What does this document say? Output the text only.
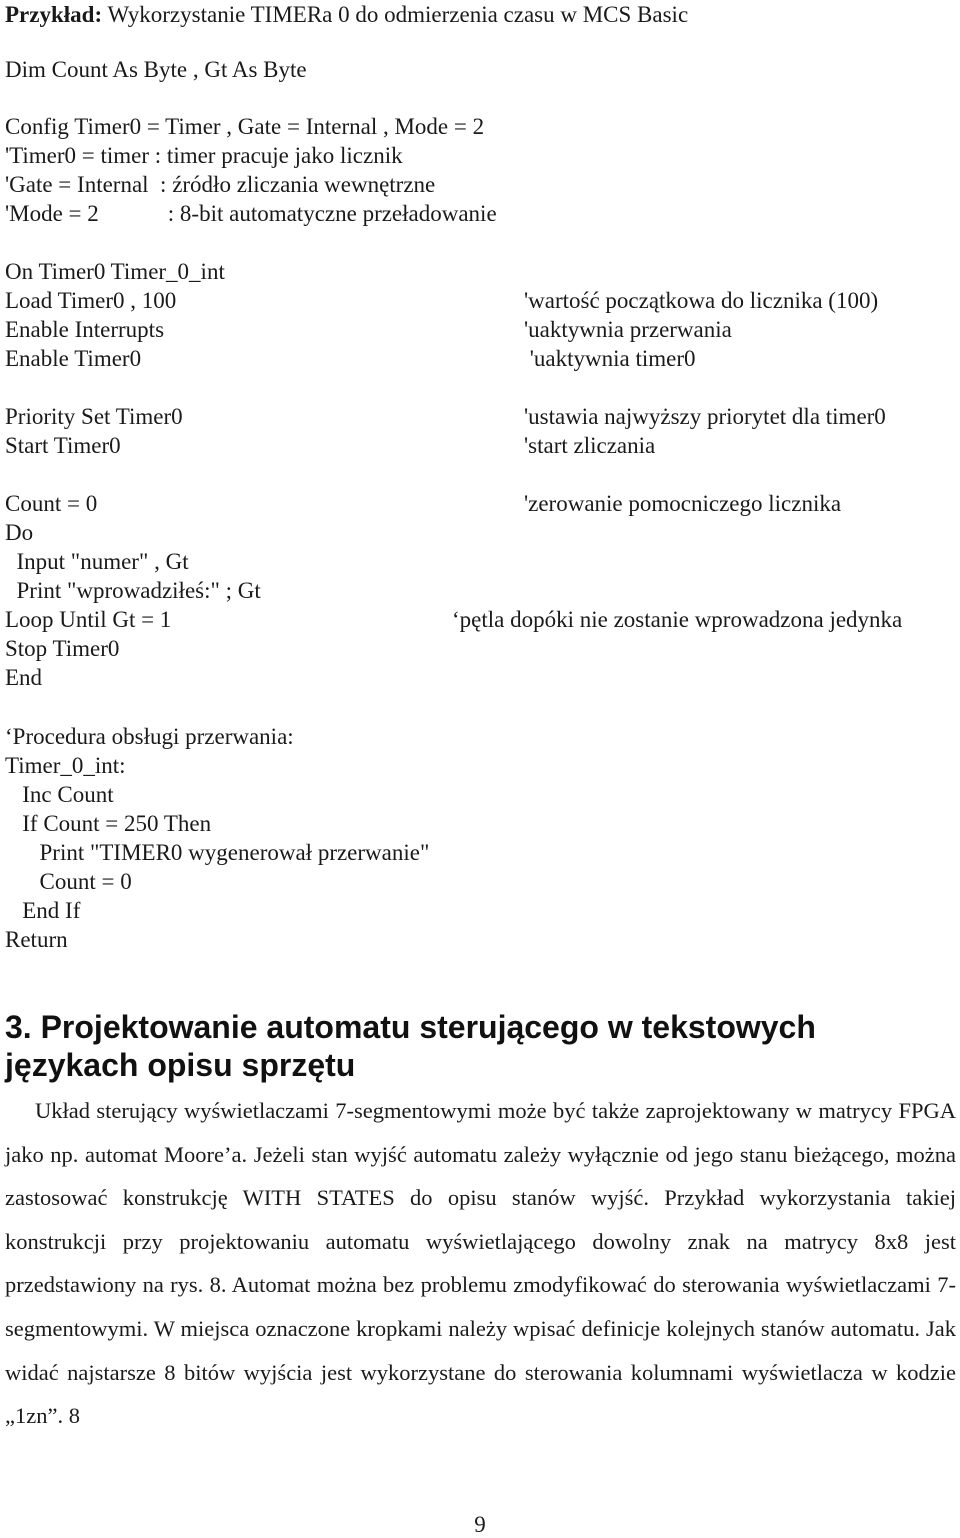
Przykład: Wykorzystanie TIMERa 0 do odmierzenia czasu w MCS Basic
Dim Count As Byte , Gt As Byte
Config Timer0 = Timer , Gate = Internal , Mode = 2
'Timer0 = timer : timer pracuje jako licznik
'Gate = Internal  : źródło zliczania wewnętrzne
'Mode = 2            : 8-bit automatyczne przeładowanie
On Timer0 Timer_0_int
Load Timer0 , 100
Enable Interrupts
Enable Timer0
Priority Set Timer0
Start Timer0
Count = 0
Do
Input "numer" , Gt
Print "wprowadziłeś:" ; Gt
Loop Until Gt = 1
Stop Timer0
End
‘Procedura obsługi przerwania:
Timer_0_int:
Inc Count
If Count = 250 Then
Print "TIMER0 wygenerował przerwanie"
Count = 0
End If
Return
'wartość początkowa do licznika (100)
'uaktywnia przerwania
'uaktywnia timer0
'ustawia najwyższy priorytet dla timer0
'start zliczania
'zerowanie pomocniczego licznika
‘pętla dopóki nie zostanie wprowadzona jedynka
3. Projektowanie automatu sterującego w tekstowych
językach opisu sprzętu
Układ sterujący wyświetlaczami 7-segmentowymi może być także zaprojektowany w matrycy FPGA jako np. automat Moore’a. Jeżeli stan wyjść automatu zależy wyłącznie od jego stanu bieżącego, można zastosować konstrukcję WITH STATES do opisu stanów wyjść. Przykład wykorzystania takiej konstrukcji przy projektowaniu automatu wyświetlającego dowolny znak na matrycy 8x8 jest przedstawiony na rys. 8. Automat można bez problemu zmodyfikować do sterowania wyświetlaczami 7-segmentowymi. W miejsca oznaczone kropkami należy wpisać definicje kolejnych stanów automatu. Jak widać najstarsze 8 bitów wyjścia jest wykorzystane do sterowania kolumnami wyświetlacza w kodzie „1zn”. 8
9
